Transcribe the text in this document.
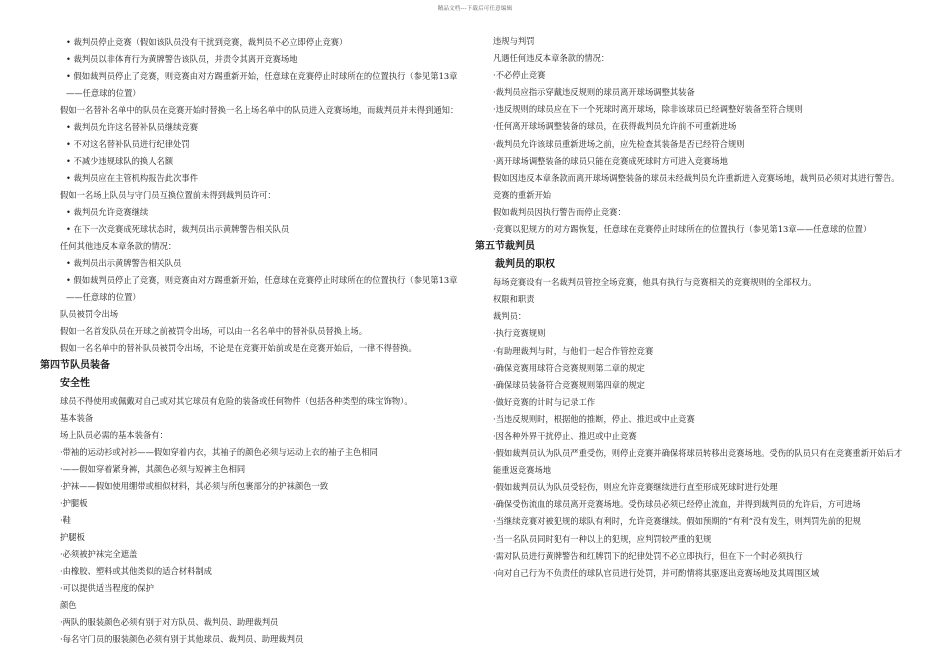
精品文档---下载后可任意编辑
• 裁判员停止竞赛（假如该队员没有干扰到竞赛，裁判员不必立即停止竞赛）
• 裁判员以非体育行为黄牌警告该队员，并责令其离开竞赛场地
• 假如裁判员停止了竞赛，则竞赛由对方踢重新开始，任意球在竞赛停止时球所在的位置执行（参见第13章——任意球的位置）
假如一名替补名单中的队员在竞赛开始时替换一名上场名单中的队员进入竞赛场地，而裁判员并未得到通知：
• 裁判员允许这名替补队员继续竞赛
• 不对这名替补队员进行纪律处罚
• 不减少违规球队的换人名额
• 裁判员应在主管机构报告此次事件
假如一名场上队员与守门员互换位置前未得到裁判员许可：
• 裁判员允许竞赛继续
• 在下一次竞赛成死球状态时，裁判员出示黄牌警告相关队员
任何其他违反本章条款的情况：
• 裁判员出示黄牌警告相关队员
• 假如裁判员停止了竞赛，则竞赛由对方踢重新开始，任意球在竞赛停止时球所在的位置执行（参见第13章——任意球的位置）
队员被罚令出场
假如一名首发队员在开球之前被罚令出场，可以由一名名单中的替补队员替换上场。
假如一名名单中的替补队员被罚令出场，不论是在竞赛开始前或是在竞赛开始后，一律不得替换。
第四节队员装备
安全性
球员不得使用或佩戴对自己或对其它球员有危险的装备或任何物件（包括各种类型的珠宝饰物）。
基本装备
场上队员必需的基本装备有：
·带袖的运动衫或衬衫——假如穿着内衣，其袖子的颜色必须与运动上衣的袖子主色相同
·——假如穿着紧身裤，其颜色必须与短裤主色相同
·护袜——假如使用绷带或相似材料，其必须与所包裹部分的护袜颜色一致
·护腿板
·鞋
护腿板
·必须被护袜完全遮盖
·由橡胶、塑料或其他类似的适合材料制成
·可以提供适当程度的保护
颜色
·两队的服装颜色必须有别于对方队员、裁判员、助理裁判员
·每名守门员的服装颜色必须有别于其他球员、裁判员、助理裁判员
违规与判罚
凡遇任何违反本章条款的情况：
·不必停止竞赛
·裁判员应指示穿戴违反规则的球员离开球场调整其装备
·违反规则的球员应在下一个死球时离开球场，除非该球员已经调整好装备至符合规则
·任何离开球场调整装备的球员，在获得裁判员允许前不可重新进场
·裁判员允许该球员重新进场之前，应先检查其装备是否已经符合规则
·离开球场调整装备的球员只能在竞赛成死球时方可进入竞赛场地
假如因违反本章条款而离开球场调整装备的球员未经裁判员允许重新进入竞赛场地，裁判员必须对其进行警告。
竞赛的重新开始
假如裁判员因执行警告而停止竞赛：
·竞赛以犯规方的对方踢恢复，任意球在竞赛停止时球所在的位置执行（参见第13章——任意球的位置）
第五节裁判员
裁判员的职权
每场竞赛设有一名裁判员管控全场竞赛，他具有执行与竞赛相关的竞赛规则的全部权力。
权限和职责
裁判员：
·执行竞赛规则
·有助理裁判与时，与他们一起合作管控竞赛
·确保竞赛用球符合竞赛规则第二章的规定
·确保球员装备符合竞赛规则第四章的规定
·做好竞赛的计时与记录工作
·当违反规则时，根据他的推断，停止、推迟或中止竞赛
·因各种外界干扰停止、推迟或中止竞赛
·假如裁判员认为队员严重受伤，则停止竞赛并确保将球员转移出竞赛场地。受伤的队员只有在竞赛重新开始后才能重返竞赛场地
·假如裁判员认为队员受轻伤，则应允许竞赛继续进行直至形成死球时进行处理
·确保受伤流血的球员离开竞赛场地。受伤球员必须已经停止流血，并得到裁判员的允许后，方可进场
·当继续竞赛对被犯规的球队有利时，允许竞赛继续。假如预期的“有利”没有发生，则判罚先前的犯规
·当一名队员同时犯有一种以上的犯规，应判罚较严重的犯规
·需对队员进行黄牌警告和红牌罚下的纪律处罚不必立即执行，但在下一个时必须执行
·向对自己行为不负责任的球队官员进行处罚，并可酌情将其驱逐出竞赛场地及其周围区域
